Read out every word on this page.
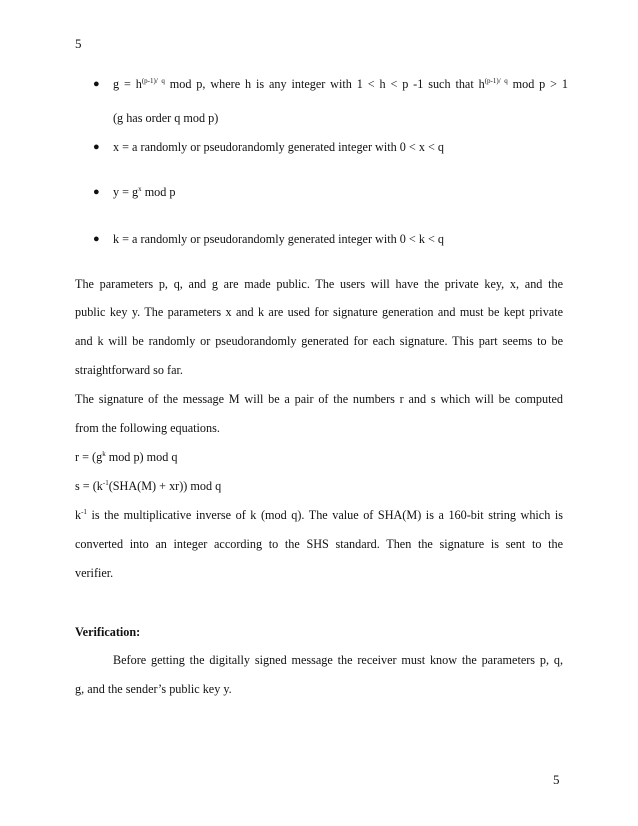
5
● $g = h^{(p-1)/ q}$ mod p, where h is any integer with 1 < h < p -1 such that $h^{(p-1)/ q}$ mod p > 1
(g has order q mod p)
● x = a randomly or pseudorandomly generated integer with 0 < x < q
● $y = g^x$ mod p
● k = a randomly or pseudorandomly generated integer with 0 < k < q
The parameters p, q, and g are made public. The users will have the private key, x, and the
public key y. The parameters x and k are used for signature generation and must be kept private
and k will be randomly or pseudorandomly generated for each signature. This part seems to be
straightforward so far.
The signature of the message M will be a pair of the numbers r and s which will be computed
from the following equations.
$r = (g^k$ mod p) mod q
$s = (k^{-1}(SHA(M) + xr))$ mod q
$k^{-1}$ is the multiplicative inverse of k (mod q). The value of SHA(M) is a 160-bit string which is
converted into an integer according to the SHS standard. Then the signature is sent to the
verifier.
Verification:
Before getting the digitally signed message the receiver must know the parameters p, q,
g, and the sender’s public key y.
5
